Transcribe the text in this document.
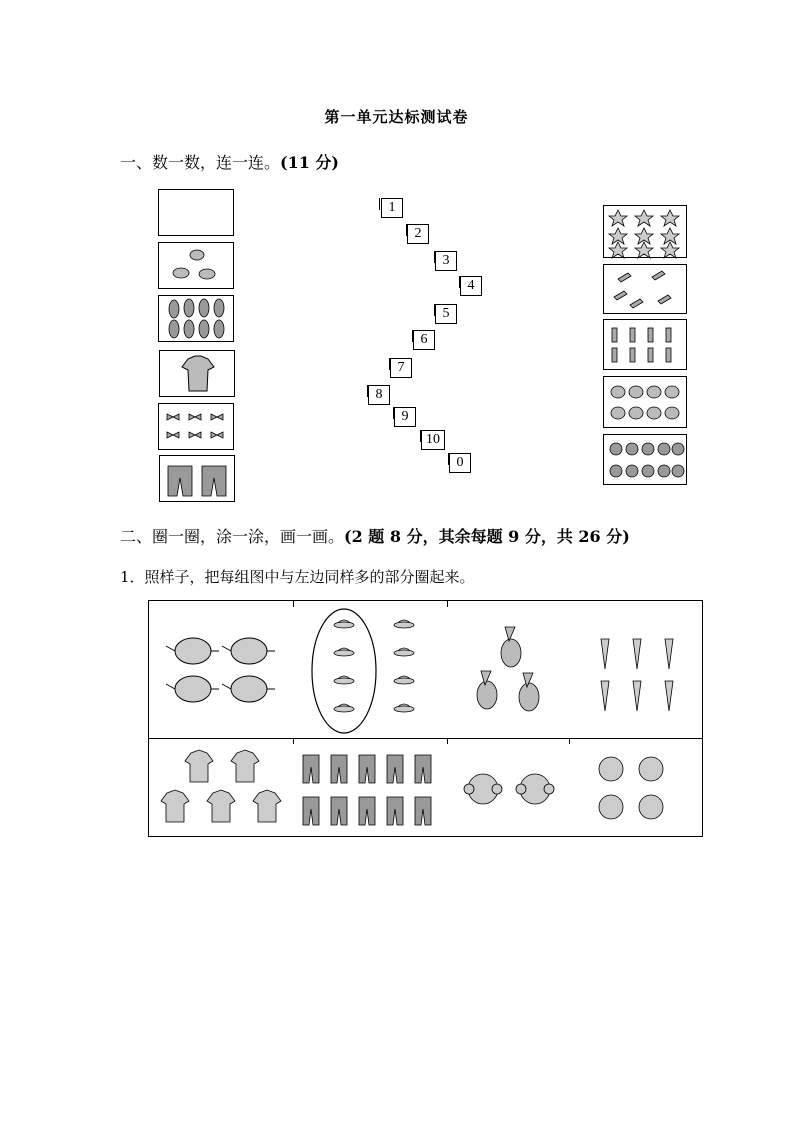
第一单元达标测试卷
一、数一数，连一连。(11 分)
1
2
3
4
5
6
7
8
9
10
0
二、圈一圈，涂一涂，画一画。(2 题 8 分，其余每题 9 分，共 26 分)
1．照样子，把每组图中与左边同样多的部分圈起来。
